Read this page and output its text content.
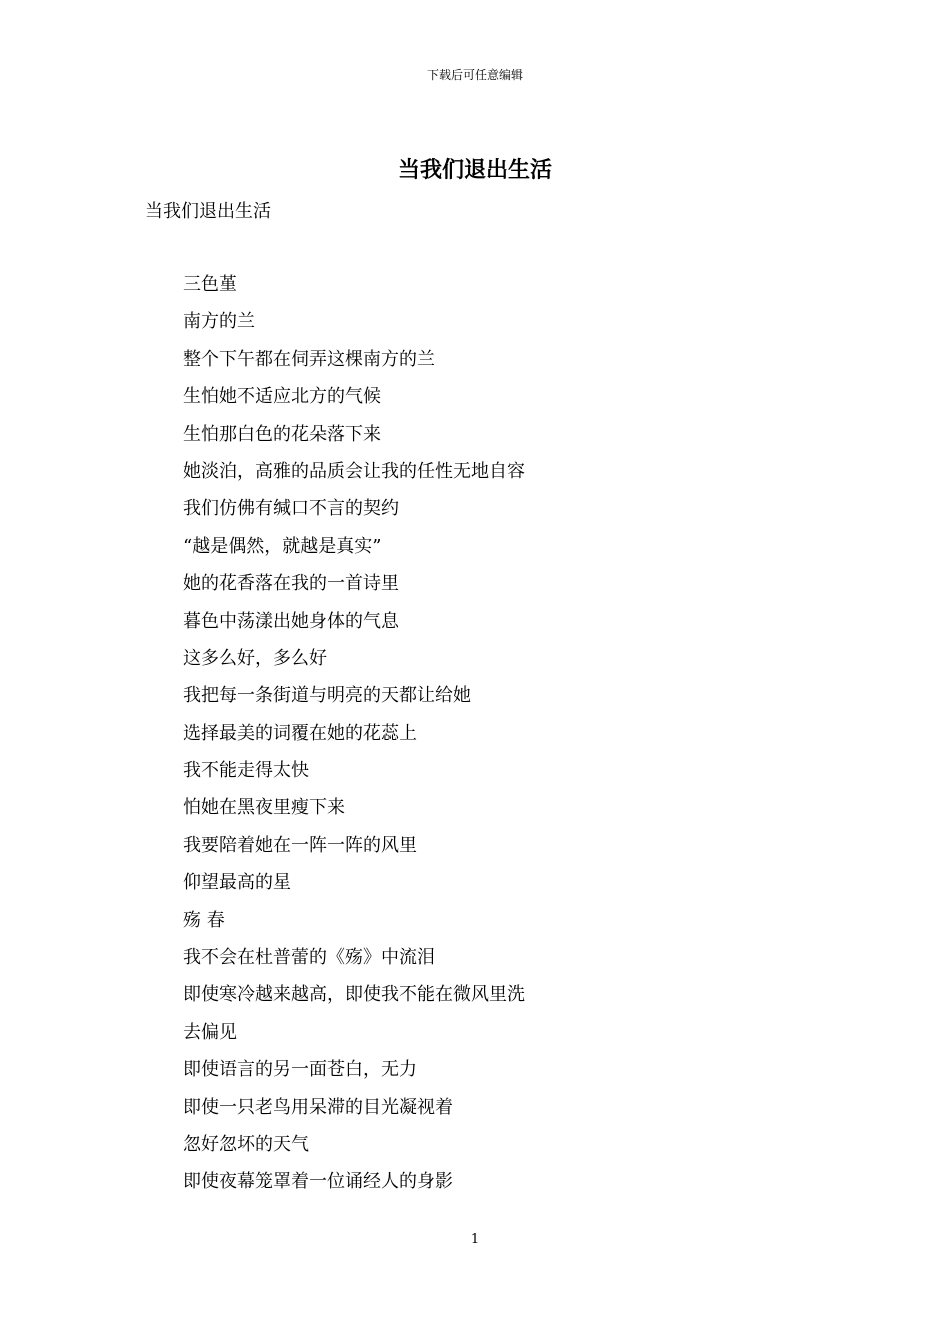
下载后可任意编辑
当我们退出生活
当我们退出生活
三色堇
南方的兰
整个下午都在伺弄这棵南方的兰
生怕她不适应北方的气候
生怕那白色的花朵落下来
她淡泊，高雅的品质会让我的任性无地自容
我们仿佛有缄口不言的契约
“越是偶然，就越是真实”
她的花香落在我的一首诗里
暮色中荡漾出她身体的气息
这多么好，多么好
我把每一条街道与明亮的天都让给她
选择最美的词覆在她的花蕊上
我不能走得太快
怕她在黑夜里瘦下来
我要陪着她在一阵一阵的风里
仰望最高的星
殇 春
我不会在杜普蕾的《殇》中流泪
即使寒冷越来越高，即使我不能在微风里洗
去偏见
即使语言的另一面苍白，无力
即使一只老鸟用呆滞的目光凝视着
忽好忽坏的天气
即使夜幕笼罩着一位诵经人的身影
1
